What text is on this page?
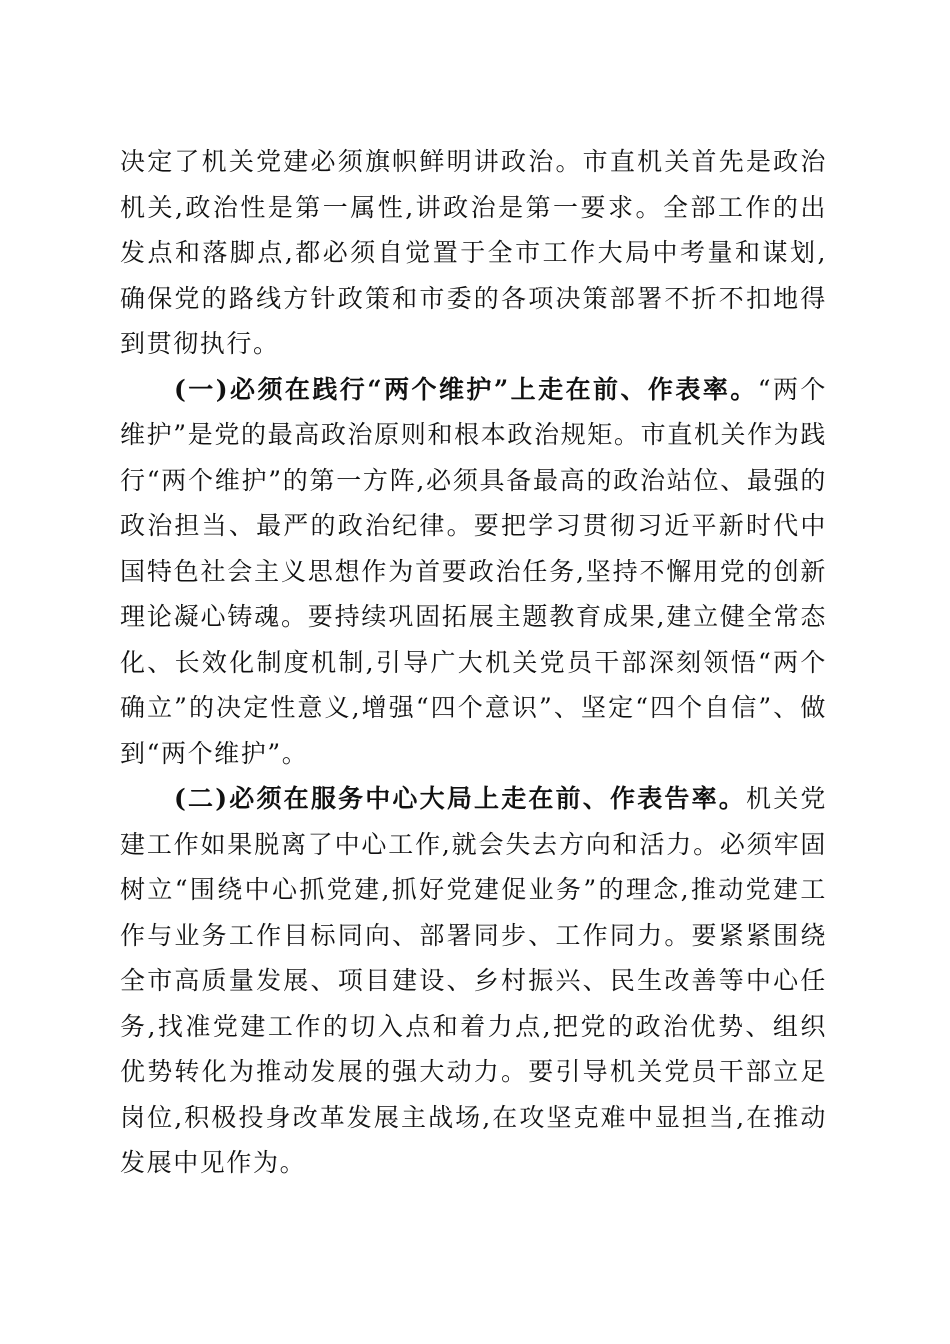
决定了机关党建必须旗帜鲜明讲政治。市直机关首先是政治机关,政治性是第一属性,讲政治是第一要求。全部工作的出发点和落脚点,都必须自觉置于全市工作大局中考量和谋划,确保党的路线方针政策和市委的各项决策部署不折不扣地得到贯彻执行。

(一)必须在践行“两个维护”上走在前、作表率。“两个维护”是党的最高政治原则和根本政治规矩。市直机关作为践行“两个维护”的第一方阵,必须具备最高的政治站位、最强的政治担当、最严的政治纪律。要把学习贯彻习近平新时代中国特色社会主义思想作为首要政治任务,坚持不懈用党的创新理论凝心铸魂。要持续巩固拓展主题教育成果,建立健全常态化、长效化制度机制,引导广大机关党员干部深刻领悟“两个确立”的决定性意义,增强“四个意识”、坚定“四个自信”、做到“两个维护”。

(二)必须在服务中心大局上走在前、作表告率。机关党建工作如果脱离了中心工作,就会失去方向和活力。必须牢固树立“围绕中心抓党建,抓好党建促业务”的理念,推动党建工作与业务工作目标同向、部署同步、工作同力。要紧紧围绕全市高质量发展、项目建设、乡村振兴、民生改善等中心任务,找准党建工作的切入点和着力点,把党的政治优势、组织优势转化为推动发展的强大动力。要引导机关党员干部立足岗位,积极投身改革发展主战场,在攻坚克难中显担当,在推动发展中见作为。
